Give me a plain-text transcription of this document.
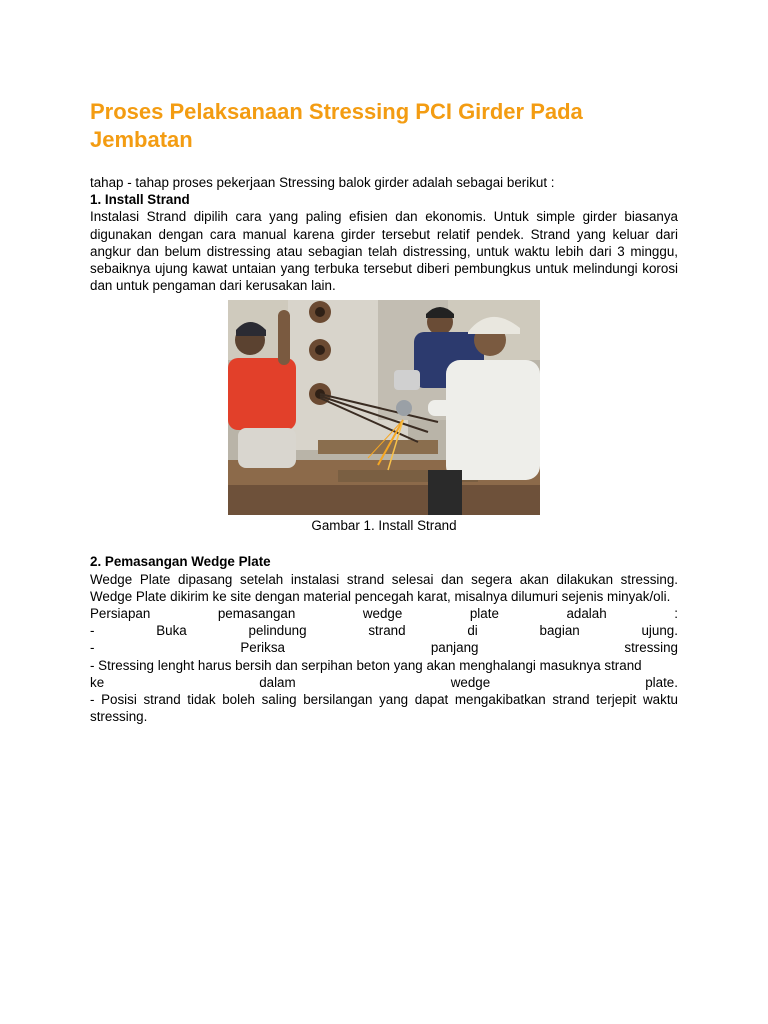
Proses Pelaksanaan Stressing PCI Girder Pada Jembatan

tahap - tahap proses pekerjaan Stressing balok girder adalah sebagai berikut :

1. Install Strand

Instalasi Strand dipilih cara yang paling efisien dan ekonomis. Untuk simple girder biasanya digunakan dengan cara manual karena girder tersebut relatif pendek. Strand yang keluar dari angkur dan belum distressing atau sebagian telah distressing, untuk waktu lebih dari 3 minggu, sebaiknya ujung kawat untaian yang terbuka tersebut diberi pembungkus untuk melindungi korosi dan untuk pengaman dari kerusakan lain.

Gambar 1. Install Strand

2. Pemasangan Wedge Plate

Wedge Plate dipasang setelah instalasi strand selesai dan segera akan dilakukan stressing. Wedge Plate dikirim ke site dengan material pencegah karat, misalnya dilumuri sejenis minyak/oli.

Persiapan	pemasangan	wedge	plate	adalah	:
-	Buka	pelindung	strand	di	bagian	ujung.
-	Periksa	panjang	stressing

- Stressing lenght harus bersih dan serpihan beton yang akan menghalangi masuknya strand

ke	dalam	wedge	plate.

- Posisi strand tidak boleh saling bersilangan yang dapat mengakibatkan strand terjepit waktu stressing.
